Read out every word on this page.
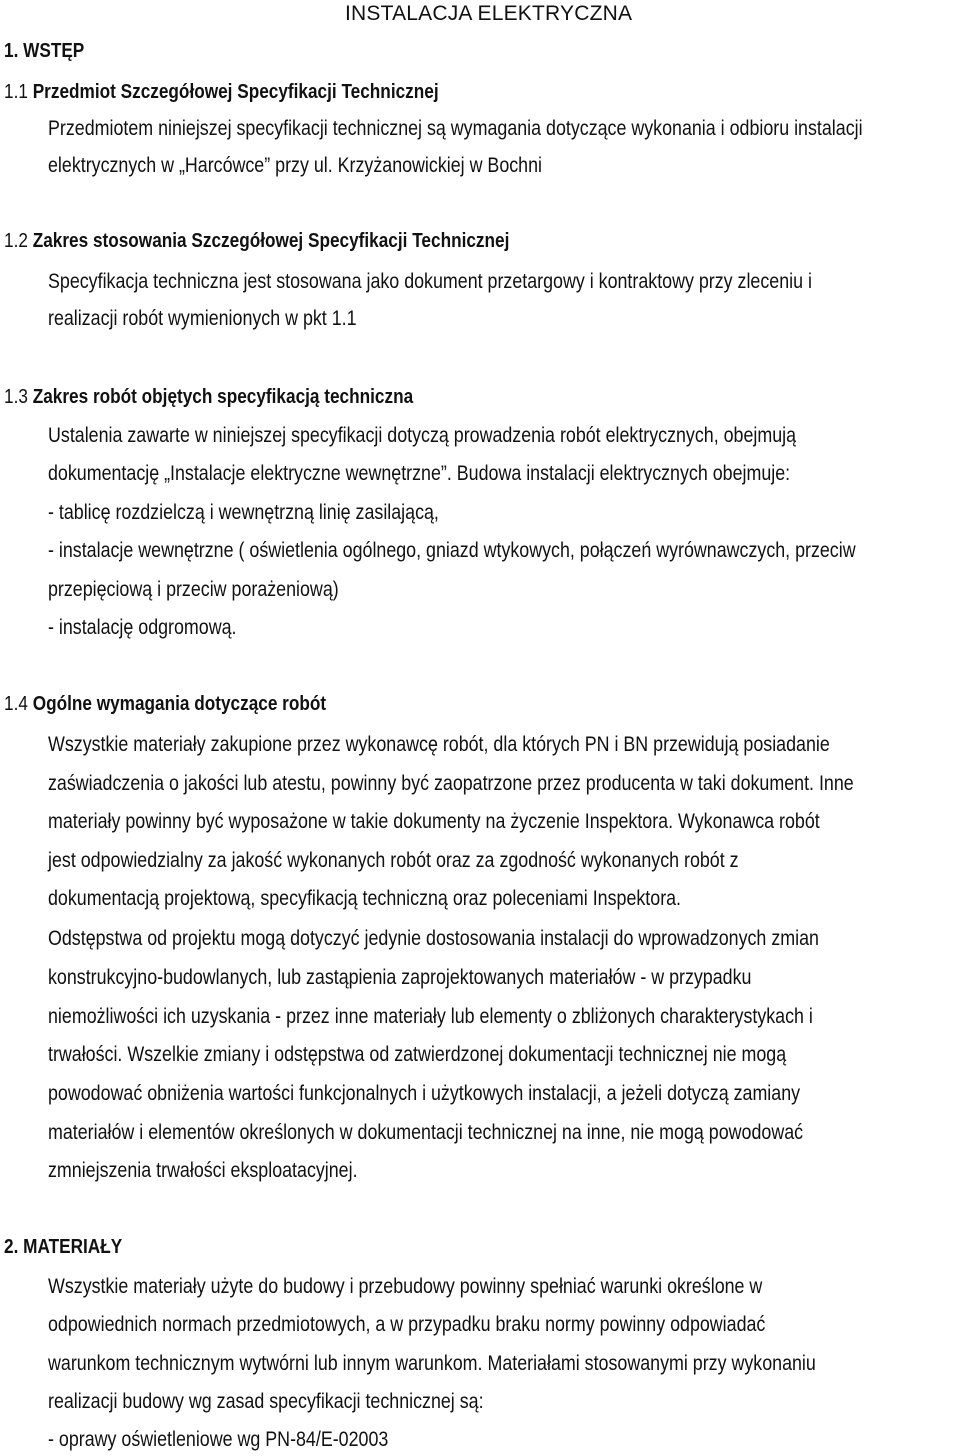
INSTALACJA ELEKTRYCZNA
1. WSTĘP
1.1 Przedmiot Szczegółowej Specyfikacji Technicznej
Przedmiotem niniejszej specyfikacji technicznej są wymagania dotyczące wykonania i odbioru instalacji
elektrycznych w „Harcówce” przy ul. Krzyżanowickiej w Bochni
1.2 Zakres stosowania Szczegółowej Specyfikacji Technicznej
Specyfikacja techniczna jest stosowana jako dokument przetargowy i kontraktowy przy zleceniu i
realizacji robót wymienionych w pkt 1.1
1.3 Zakres robót objętych specyfikacją techniczna
Ustalenia zawarte w niniejszej specyfikacji dotyczą prowadzenia robót elektrycznych, obejmują
dokumentację „Instalacje elektryczne wewnętrzne”. Budowa instalacji elektrycznych obejmuje:
- tablicę rozdzielczą i wewnętrzną linię zasilającą,
- instalacje wewnętrzne ( oświetlenia ogólnego, gniazd wtykowych, połączeń wyrównawczych, przeciw
przepięciową i przeciw porażeniową)
- instalację odgromową.
1.4 Ogólne wymagania dotyczące robót
Wszystkie materiały zakupione przez wykonawcę robót, dla których PN i BN przewidują posiadanie
zaświadczenia o jakości lub atestu, powinny być zaopatrzone przez producenta w taki dokument. Inne
materiały powinny być wyposażone w takie dokumenty na życzenie Inspektora. Wykonawca robót
jest odpowiedzialny za jakość wykonanych robót oraz za zgodność wykonanych robót z
dokumentacją projektową, specyfikacją techniczną oraz poleceniami Inspektora.
Odstępstwa od projektu mogą dotyczyć jedynie dostosowania instalacji do wprowadzonych zmian
konstrukcyjno-budowlanych, lub zastąpienia zaprojektowanych materiałów - w przypadku
niemożliwości ich uzyskania - przez inne materiały lub elementy o zbliżonych charakterystykach i
trwałości. Wszelkie zmiany i odstępstwa od zatwierdzonej dokumentacji technicznej nie mogą
powodować obniżenia wartości funkcjonalnych i użytkowych instalacji, a jeżeli dotyczą zamiany
materiałów i elementów określonych w dokumentacji technicznej na inne, nie mogą powodować
zmniejszenia trwałości eksploatacyjnej.
2. MATERIAŁY
Wszystkie materiały użyte do budowy i przebudowy powinny spełniać warunki określone w
odpowiednich normach przedmiotowych, a w przypadku braku normy powinny odpowiadać
warunkom technicznym wytwórni lub innym warunkom. Materiałami stosowanymi przy wykonaniu
realizacji budowy wg zasad specyfikacji technicznej są:
- oprawy oświetleniowe wg PN-84/E-02003
